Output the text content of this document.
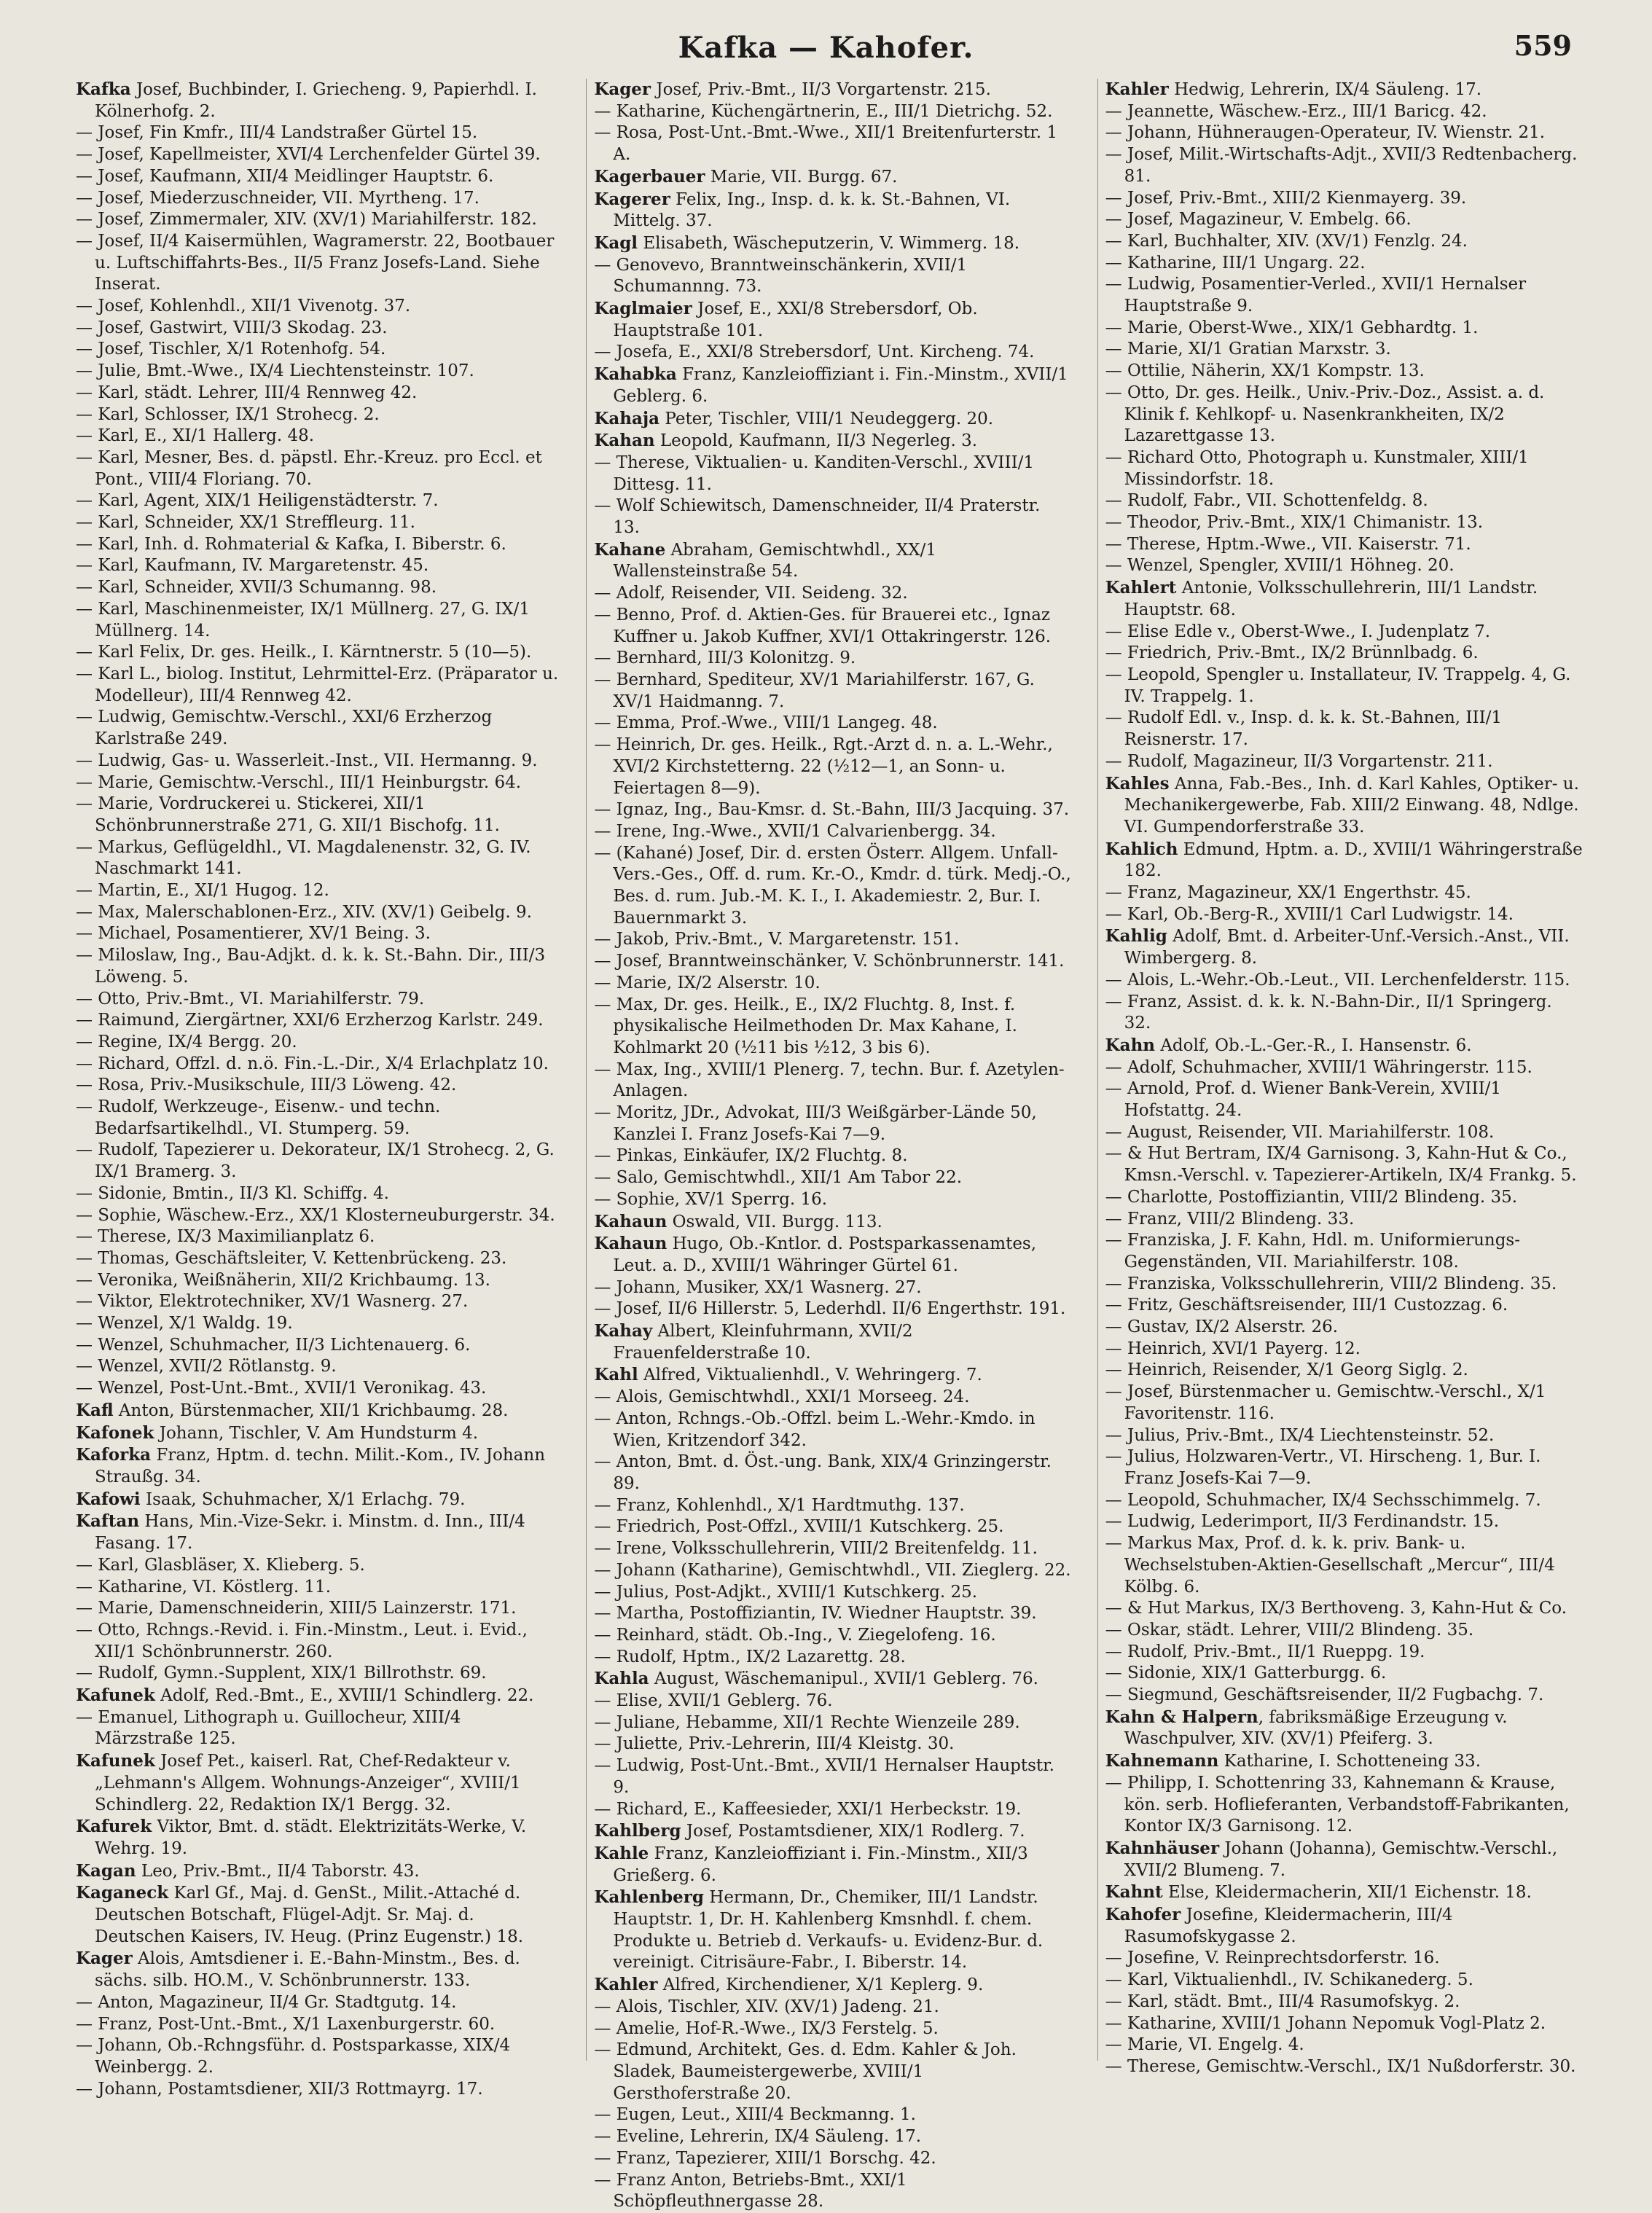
Kafka — Kahofer.	559

Kafka Josef, Buchbinder, I. Griecheng. 9, Papierhdl. I. Kölnerhofg. 2.

— Josef, Fin Kmfr., III/4 Landstraßer Gürtel 15.

— Josef, Kapellmeister, XVI/4 Lerchenfelder Gürtel 39.

— Josef, Kaufmann, XII/4 Meidlinger Hauptstr. 6.

— Josef, Miederzuschneider, VII. Myrtheng. 17.

— Josef, Zimmermaler, XIV. (XV/1) Mariahilferstr. 182.

— Josef, II/4 Kaisermühlen, Wagramerstr. 22, Bootbauer u. Luftschiffahrts-Bes., II/5 Franz Josefs-Land. Siehe Inserat.

— Josef, Kohlenhdl., XII/1 Vivenotg. 37.

— Josef, Gastwirt, VIII/3 Skodag. 23.

— Josef, Tischler, X/1 Rotenhofg. 54.

— Julie, Bmt.-Wwe., IX/4 Liechtensteinstr. 107.

— Karl, städt. Lehrer, III/4 Rennweg 42.

— Karl, Schlosser, IX/1 Strohecg. 2.

— Karl, E., XI/1 Hallerg. 48.

— Karl, Mesner, Bes. d. päpstl. Ehr.-Kreuz. pro Eccl. et Pont., VIII/4 Floriang. 70.

— Karl, Agent, XIX/1 Heiligenstädterstr. 7.

— Karl, Schneider, XX/1 Streffleurg. 11.

— Karl, Inh. d. Rohmaterial & Kafka, I. Biberstr. 6.

— Karl, Kaufmann, IV. Margaretenstr. 45.

— Karl, Schneider, XVII/3 Schumanng. 98.

— Karl, Maschinenmeister, IX/1 Müllnerg. 27, G. IX/1 Müllnerg. 14.

— Karl Felix, Dr. ges. Heilk., I. Kärntnerstr. 5 (10—5).

— Karl L., biolog. Institut, Lehrmittel-Erz. (Präparator u. Modelleur), III/4 Rennweg 42.

— Ludwig, Gemischtw.-Verschl., XXI/6 Erzherzog Karlstraße 249.

— Ludwig, Gas- u. Wasserleit.-Inst., VII. Hermanng. 9.

— Marie, Gemischtw.-Verschl., III/1 Heinburgstr. 64.

— Marie, Vordruckerei u. Stickerei, XII/1 Schönbrunnerstraße 271, G. XII/1 Bischofg. 11.

— Markus, Geflügeldhl., VI. Magdalenenstr. 32, G. IV. Naschmarkt 141.

— Martin, E., XI/1 Hugog. 12.

— Max, Malerschablonen-Erz., XIV. (XV/1) Geibelg. 9.

— Michael, Posamentierer, XV/1 Being. 3.

— Miloslaw, Ing., Bau-Adjkt. d. k. k. St.-Bahn. Dir., III/3 Löweng. 5.

— Otto, Priv.-Bmt., VI. Mariahilferstr. 79.

— Raimund, Ziergärtner, XXI/6 Erzherzog Karlstr. 249.

— Regine, IX/4 Bergg. 20.

— Richard, Offzl. d. n.ö. Fin.-L.-Dir., X/4 Erlachplatz 10.

— Rosa, Priv.-Musikschule, III/3 Löweng. 42.

— Rudolf, Werkzeuge-, Eisenw.- und techn. Bedarfsartikelhdl., VI. Stumperg. 59.

— Rudolf, Tapezierer u. Dekorateur, IX/1 Strohecg. 2, G. IX/1 Bramerg. 3.

— Sidonie, Bmtin., II/3 Kl. Schiffg. 4.

— Sophie, Wäschew.-Erz., XX/1 Klosterneuburgerstr. 34.

— Therese, IX/3 Maximilianplatz 6.

— Thomas, Geschäftsleiter, V. Kettenbrückeng. 23.

— Veronika, Weißnäherin, XII/2 Krichbaumg. 13.

— Viktor, Elektrotechniker, XV/1 Wasnerg. 27.

— Wenzel, X/1 Waldg. 19.

— Wenzel, Schuhmacher, II/3 Lichtenauerg. 6.

— Wenzel, XVII/2 Rötlanstg. 9.

— Wenzel, Post-Unt.-Bmt., XVII/1 Veronikag. 43.

Kafl Anton, Bürstenmacher, XII/1 Krichbaumg. 28.

Kafonek Johann, Tischler, V. Am Hundsturm 4.

Kaforka Franz, Hptm. d. techn. Milit.-Kom., IV. Johann Straußg. 34.

Kafowi Isaak, Schuhmacher, X/1 Erlachg. 79.

Kaftan Hans, Min.-Vize-Sekr. i. Minstm. d. Inn., III/4 Fasang. 17.

— Karl, Glasbläser, X. Klieberg. 5.

— Katharine, VI. Köstlerg. 11.

— Marie, Damenschneiderin, XIII/5 Lainzerstr. 171.

— Otto, Rchngs.-Revid. i. Fin.-Minstm., Leut. i. Evid., XII/1 Schönbrunnerstr. 260.

— Rudolf, Gymn.-Supplent, XIX/1 Billrothstr. 69.

Kafunek Adolf, Red.-Bmt., E., XVIII/1 Schindlerg. 22.

— Emanuel, Lithograph u. Guillocheur, XIII/4 Märzstraße 125.

Kafunek Josef Pet., kaiserl. Rat, Chef-Redakteur v. „Lehmann's Allgem. Wohnungs-Anzeiger“, XVIII/1 Schindlerg. 22, Redaktion IX/1 Bergg. 32.

Kafurek Viktor, Bmt. d. städt. Elektrizitäts-Werke, V. Wehrg. 19.

Kagan Leo, Priv.-Bmt., II/4 Taborstr. 43.

Kaganeck Karl Gf., Maj. d. GenSt., Milit.-Attaché d. Deutschen Botschaft, Flügel-Adjt. Sr. Maj. d. Deutschen Kaisers, IV. Heug. (Prinz Eugenstr.) 18.

Kager Alois, Amtsdiener i. E.-Bahn-Minstm., Bes. d. sächs. silb. HO.M., V. Schönbrunnerstr. 133.

— Anton, Magazineur, II/4 Gr. Stadtgutg. 14.

— Franz, Post-Unt.-Bmt., X/1 Laxenburgerstr. 60.

— Johann, Ob.-Rchngsführ. d. Postsparkasse, XIX/4 Weinbergg. 2.

— Johann, Postamtsdiener, XII/3 Rottmayrg. 17.

Kager Josef, Priv.-Bmt., II/3 Vorgartenstr. 215.

— Katharine, Küchengärtnerin, E., III/1 Dietrichg. 52.

— Rosa, Post-Unt.-Bmt.-Wwe., XII/1 Breitenfurterstr. 1 A.

Kagerbauer Marie, VII. Burgg. 67.

Kagerer Felix, Ing., Insp. d. k. k. St.-Bahnen, VI. Mittelg. 37.

Kagl Elisabeth, Wäscheputzerin, V. Wimmerg. 18.

— Genovevo, Branntweinschänkerin, XVII/1 Schumannng. 73.

Kaglmaier Josef, E., XXI/8 Strebersdorf, Ob. Hauptstraße 101.

— Josefa, E., XXI/8 Strebersdorf, Unt. Kircheng. 74.

Kahabka Franz, Kanzleioffiziant i. Fin.-Minstm., XVII/1 Geblerg. 6.

Kahaja Peter, Tischler, VIII/1 Neudeggerg. 20.

Kahan Leopold, Kaufmann, II/3 Negerleg. 3.

— Therese, Viktualien- u. Kanditen-Verschl., XVIII/1 Dittesg. 11.

— Wolf Schiewitsch, Damenschneider, II/4 Praterstr. 13.

Kahane Abraham, Gemischtwhdl., XX/1 Wallensteinstraße 54.

— Adolf, Reisender, VII. Seideng. 32.

— Benno, Prof. d. Aktien-Ges. für Brauerei etc., Ignaz Kuffner u. Jakob Kuffner, XVI/1 Ottakringerstr. 126.

— Bernhard, III/3 Kolonitzg. 9.

— Bernhard, Spediteur, XV/1 Mariahilferstr. 167, G. XV/1 Haidmanng. 7.

— Emma, Prof.-Wwe., VIII/1 Langeg. 48.

— Heinrich, Dr. ges. Heilk., Rgt.-Arzt d. n. a. L.-Wehr., XVI/2 Kirchstetterng. 22 (½12—1, an Sonn- u. Feiertagen 8—9).

— Ignaz, Ing., Bau-Kmsr. d. St.-Bahn, III/3 Jacquing. 37.

— Irene, Ing.-Wwe., XVII/1 Calvarienbergg. 34.

— (Kahané) Josef, Dir. d. ersten Österr. Allgem. Unfall-Vers.-Ges., Off. d. rum. Kr.-O., Kmdr. d. türk. Medj.-O., Bes. d. rum. Jub.-M. K. I., I. Akademiestr. 2, Bur. I. Bauernmarkt 3.

— Jakob, Priv.-Bmt., V. Margaretenstr. 151.

— Josef, Branntweinschänker, V. Schönbrunnerstr. 141.

— Marie, IX/2 Alserstr. 10.

— Max, Dr. ges. Heilk., E., IX/2 Fluchtg. 8, Inst. f. physikalische Heilmethoden Dr. Max Kahane, I. Kohlmarkt 20 (½11 bis ½12, 3 bis 6).

— Max, Ing., XVIII/1 Plenerg. 7, techn. Bur. f. Azetylen-Anlagen.

— Moritz, JDr., Advokat, III/3 Weißgärber-Lände 50, Kanzlei I. Franz Josefs-Kai 7—9.

— Pinkas, Einkäufer, IX/2 Fluchtg. 8.

— Salo, Gemischtwhdl., XII/1 Am Tabor 22.

— Sophie, XV/1 Sperrg. 16.

Kahaun Oswald, VII. Burgg. 113.

Kahaun Hugo, Ob.-Kntlor. d. Postsparkassenamtes, Leut. a. D., XVIII/1 Währinger Gürtel 61.

— Johann, Musiker, XX/1 Wasnerg. 27.

— Josef, II/6 Hillerstr. 5, Lederhdl. II/6 Engerthstr. 191.

Kahay Albert, Kleinfuhrmann, XVII/2 Frauenfelderstraße 10.

Kahl Alfred, Viktualienhdl., V. Wehringerg. 7.

— Alois, Gemischtwhdl., XXI/1 Morseeg. 24.

— Anton, Rchngs.-Ob.-Offzl. beim L.-Wehr.-Kmdo. in Wien, Kritzendorf 342.

— Anton, Bmt. d. Öst.-ung. Bank, XIX/4 Grinzingerstr. 89.

— Franz, Kohlenhdl., X/1 Hardtmuthg. 137.

— Friedrich, Post-Offzl., XVIII/1 Kutschkerg. 25.

— Irene, Volksschullehrerin, VIII/2 Breitenfeldg. 11.

— Johann (Katharine), Gemischtwhdl., VII. Zieglerg. 22.

— Julius, Post-Adjkt., XVIII/1 Kutschkerg. 25.

— Martha, Postoffiziantin, IV. Wiedner Hauptstr. 39.

— Reinhard, städt. Ob.-Ing., V. Ziegelofeng. 16.

— Rudolf, Hptm., IX/2 Lazarettg. 28.

Kahla August, Wäschemanipul., XVII/1 Geblerg. 76.

— Elise, XVII/1 Geblerg. 76.

— Juliane, Hebamme, XII/1 Rechte Wienzeile 289.

— Juliette, Priv.-Lehrerin, III/4 Kleistg. 30.

— Ludwig, Post-Unt.-Bmt., XVII/1 Hernalser Hauptstr. 9.

— Richard, E., Kaffeesieder, XXI/1 Herbeckstr. 19.

Kahlberg Josef, Postamtsdiener, XIX/1 Rodlerg. 7.

Kahle Franz, Kanzleioffiziant i. Fin.-Minstm., XII/3 Grießerg. 6.

Kahlenberg Hermann, Dr., Chemiker, III/1 Landstr. Hauptstr. 1, Dr. H. Kahlenberg Kmsnhdl. f. chem. Produkte u. Betrieb d. Verkaufs- u. Evidenz-Bur. d. vereinigt. Citrisäure-Fabr., I. Biberstr. 14.

Kahler Alfred, Kirchendiener, X/1 Keplerg. 9.

— Alois, Tischler, XIV. (XV/1) Jadeng. 21.

— Amelie, Hof-R.-Wwe., IX/3 Ferstelg. 5.

— Edmund, Architekt, Ges. d. Edm. Kahler & Joh. Sladek, Baumeistergewerbe, XVIII/1 Gersthoferstraße 20.

— Eugen, Leut., XIII/4 Beckmanng. 1.

— Eveline, Lehrerin, IX/4 Säuleng. 17.

— Franz, Tapezierer, XIII/1 Borschg. 42.

— Franz Anton, Betriebs-Bmt., XXI/1 Schöpfleuthnergasse 28.

Kahler Hedwig, Lehrerin, IX/4 Säuleng. 17.

— Jeannette, Wäschew.-Erz., III/1 Baricg. 42.

— Johann, Hühneraugen-Operateur, IV. Wienstr. 21.

— Josef, Milit.-Wirtschafts-Adjt., XVII/3 Redtenbacherg. 81.

— Josef, Priv.-Bmt., XIII/2 Kienmayerg. 39.

— Josef, Magazineur, V. Embelg. 66.

— Karl, Buchhalter, XIV. (XV/1) Fenzlg. 24.

— Katharine, III/1 Ungarg. 22.

— Ludwig, Posamentier-Verled., XVII/1 Hernalser Hauptstraße 9.

— Marie, Oberst-Wwe., XIX/1 Gebhardtg. 1.

— Marie, XI/1 Gratian Marxstr. 3.

— Ottilie, Näherin, XX/1 Kompstr. 13.

— Otto, Dr. ges. Heilk., Univ.-Priv.-Doz., Assist. a. d. Klinik f. Kehlkopf- u. Nasenkrankheiten, IX/2 Lazarettgasse 13.

— Richard Otto, Photograph u. Kunstmaler, XIII/1 Missindorfstr. 18.

— Rudolf, Fabr., VII. Schottenfeldg. 8.

— Theodor, Priv.-Bmt., XIX/1 Chimanistr. 13.

— Therese, Hptm.-Wwe., VII. Kaiserstr. 71.

— Wenzel, Spengler, XVIII/1 Höhneg. 20.

Kahlert Antonie, Volksschullehrerin, III/1 Landstr. Hauptstr. 68.

— Elise Edle v., Oberst-Wwe., I. Judenplatz 7.

— Friedrich, Priv.-Bmt., IX/2 Brünnlbadg. 6.

— Leopold, Spengler u. Installateur, IV. Trappelg. 4, G. IV. Trappelg. 1.

— Rudolf Edl. v., Insp. d. k. k. St.-Bahnen, III/1 Reisnerstr. 17.

— Rudolf, Magazineur, II/3 Vorgartenstr. 211.

Kahles Anna, Fab.-Bes., Inh. d. Karl Kahles, Optiker- u. Mechanikergewerbe, Fab. XIII/2 Einwang. 48, Ndlge. VI. Gumpendorferstraße 33.

Kahlich Edmund, Hptm. a. D., XVIII/1 Währingerstraße 182.

— Franz, Magazineur, XX/1 Engerthstr. 45.

— Karl, Ob.-Berg-R., XVIII/1 Carl Ludwigstr. 14.

Kahlig Adolf, Bmt. d. Arbeiter-Unf.-Versich.-Anst., VII. Wimbergerg. 8.

— Alois, L.-Wehr.-Ob.-Leut., VII. Lerchenfelderstr. 115.

— Franz, Assist. d. k. k. N.-Bahn-Dir., II/1 Springerg. 32.

Kahn Adolf, Ob.-L.-Ger.-R., I. Hansenstr. 6.

— Adolf, Schuhmacher, XVIII/1 Währingerstr. 115.

— Arnold, Prof. d. Wiener Bank-Verein, XVIII/1 Hofstattg. 24.

— August, Reisender, VII. Mariahilferstr. 108.

— & Hut Bertram, IX/4 Garnisong. 3, Kahn-Hut & Co., Kmsn.-Verschl. v. Tapezierer-Artikeln, IX/4 Frankg. 5.

— Charlotte, Postoffiziantin, VIII/2 Blindeng. 35.

— Franz, VIII/2 Blindeng. 33.

— Franziska, J. F. Kahn, Hdl. m. Uniformierungs-Gegenständen, VII. Mariahilferstr. 108.

— Franziska, Volksschullehrerin, VIII/2 Blindeng. 35.

— Fritz, Geschäftsreisender, III/1 Custozzag. 6.

— Gustav, IX/2 Alserstr. 26.

— Heinrich, XVI/1 Payerg. 12.

— Heinrich, Reisender, X/1 Georg Siglg. 2.

— Josef, Bürstenmacher u. Gemischtw.-Verschl., X/1 Favoritenstr. 116.

— Julius, Priv.-Bmt., IX/4 Liechtensteinstr. 52.

— Julius, Holzwaren-Vertr., VI. Hirscheng. 1, Bur. I. Franz Josefs-Kai 7—9.

— Leopold, Schuhmacher, IX/4 Sechsschimmelg. 7.

— Ludwig, Lederimport, II/3 Ferdinandstr. 15.

— Markus Max, Prof. d. k. k. priv. Bank- u. Wechselstuben-Aktien-Gesellschaft „Mercur“, III/4 Kölbg. 6.

— & Hut Markus, IX/3 Berthoveng. 3, Kahn-Hut & Co.

— Oskar, städt. Lehrer, VIII/2 Blindeng. 35.

— Rudolf, Priv.-Bmt., II/1 Rueppg. 19.

— Sidonie, XIX/1 Gatterburgg. 6.

— Siegmund, Geschäftsreisender, II/2 Fugbachg. 7.

Kahn & Halpern, fabriksmäßige Erzeugung v. Waschpulver, XIV. (XV/1) Pfeiferg. 3.

Kahnemann Katharine, I. Schotteneing 33.

— Philipp, I. Schottenring 33, Kahnemann & Krause, kön. serb. Hoflieferanten, Verbandstoff-Fabrikanten, Kontor IX/3 Garnisong. 12.

Kahnhäuser Johann (Johanna), Gemischtw.-Verschl., XVII/2 Blumeng. 7.

Kahnt Else, Kleidermacherin, XII/1 Eichenstr. 18.

Kahofer Josefine, Kleidermacherin, III/4 Rasumofskygasse 2.

— Josefine, V. Reinprechtsdorferstr. 16.

— Karl, Viktualienhdl., IV. Schikanederg. 5.

— Karl, städt. Bmt., III/4 Rasumofskyg. 2.

— Katharine, XVIII/1 Johann Nepomuk Vogl-Platz 2.

— Marie, VI. Engelg. 4.

— Therese, Gemischtw.-Verschl., IX/1 Nußdorferstr. 30.
